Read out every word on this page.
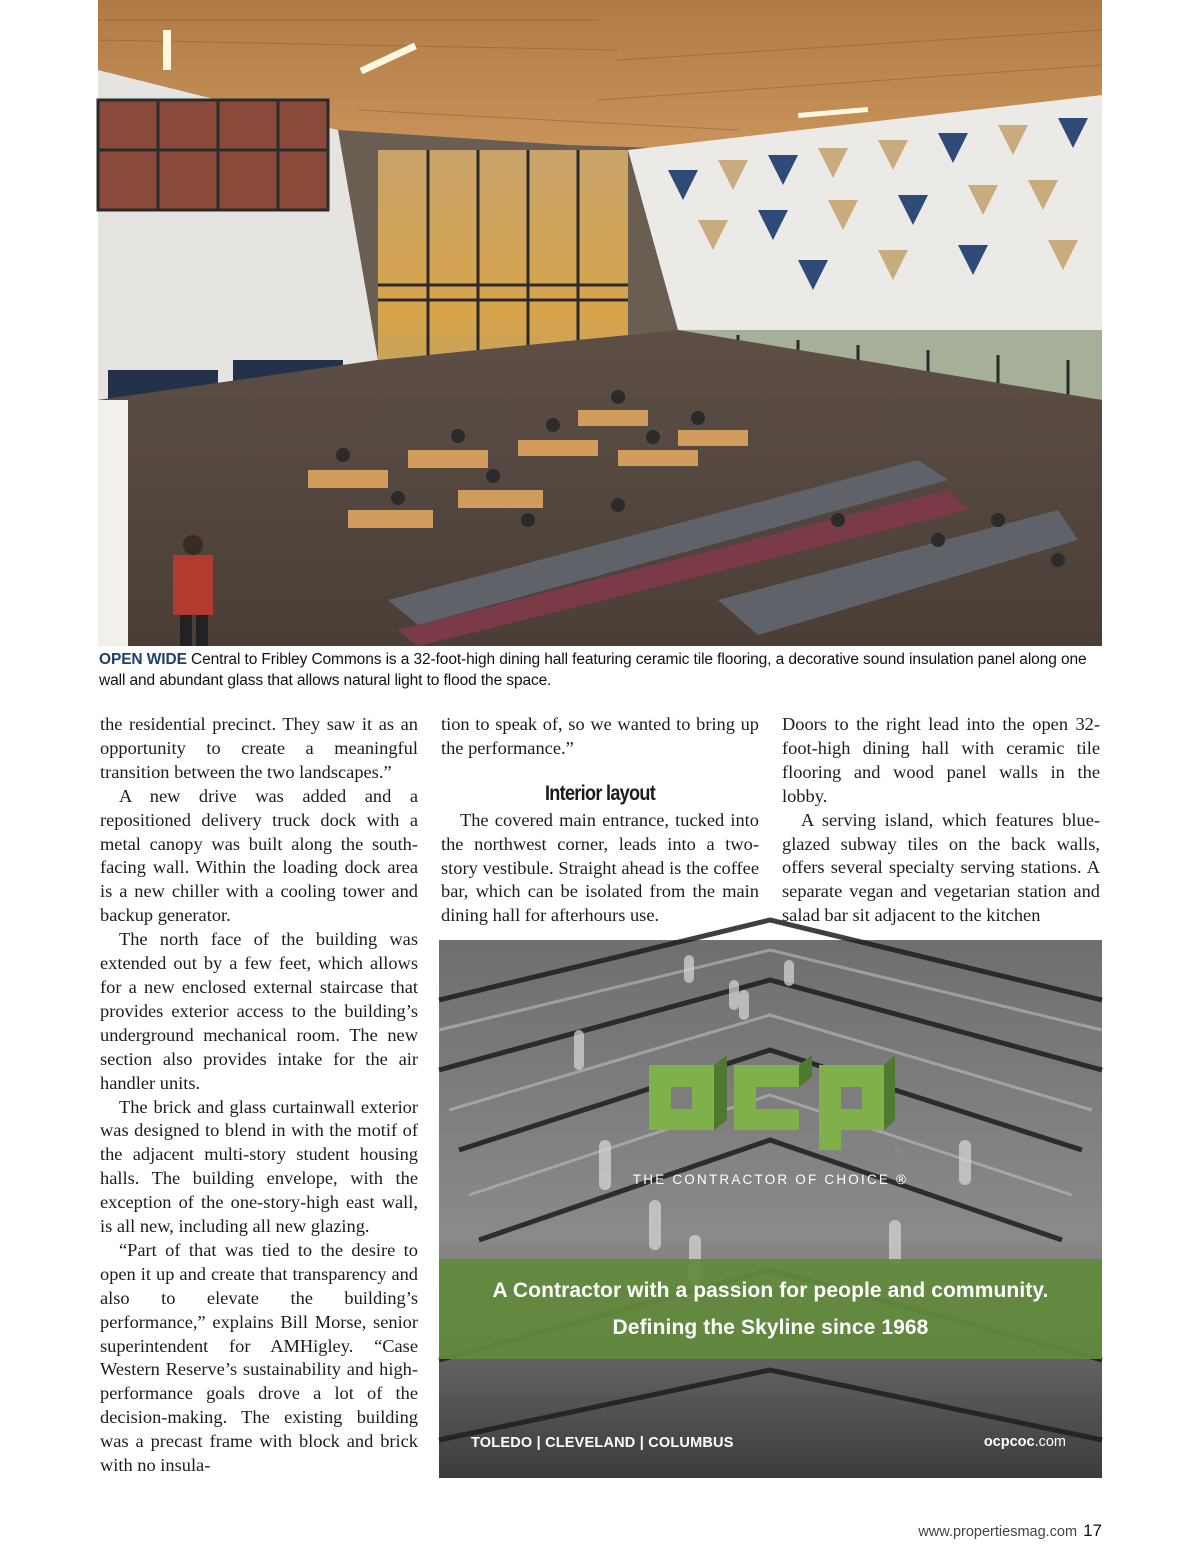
OPEN WIDE Central to Fribley Commons is a 32-foot-high dining hall featuring ceramic tile flooring, a decorative sound insulation panel along one wall and abundant glass that allows natural light to flood the space.

the residential precinct. They saw it as an opportunity to create a meaningful transition between the two landscapes.”

A new drive was added and a repositioned delivery truck dock with a metal canopy was built along the south-facing wall. Within the loading dock area is a new chiller with a cooling tower and backup generator.

The north face of the building was extended out by a few feet, which allows for a new enclosed external staircase that provides exterior access to the building’s underground mechanical room. The new section also provides intake for the air handler units.

The brick and glass curtainwall exterior was designed to blend in with the motif of the adjacent multi-story student housing halls. The building envelope, with the exception of the one-story-high east wall, is all new, including all new glazing.

“Part of that was tied to the desire to open it up and create that transparency and also to elevate the building’s performance,” explains Bill Morse, senior superintendent for AMHigley. “Case Western Reserve’s sustainability and high-performance goals drove a lot of the decision-making. The existing building was a precast frame with block and brick with no insula-

tion to speak of, so we wanted to bring up the performance.”

Interior layout

The covered main entrance, tucked into the northwest corner, leads into a two-story vestibule. Straight ahead is the coffee bar, which can be isolated from the main dining hall for afterhours use.

Doors to the right lead into the open 32-foot-high dining hall with ceramic tile flooring and wood panel walls in the lobby.

A serving island, which features blue-glazed subway tiles on the back walls, offers several specialty serving stations. A separate vegan and vegetarian station and salad bar sit adjacent to the kitchen

®
THE CONTRACTOR OF CHOICE ®
A Contractor with a passion for people and community.
Defining the Skyline since 1968
TOLEDO | CLEVELAND | COLUMBUS	ocpcoc.com
www.propertiesmag.com 17
